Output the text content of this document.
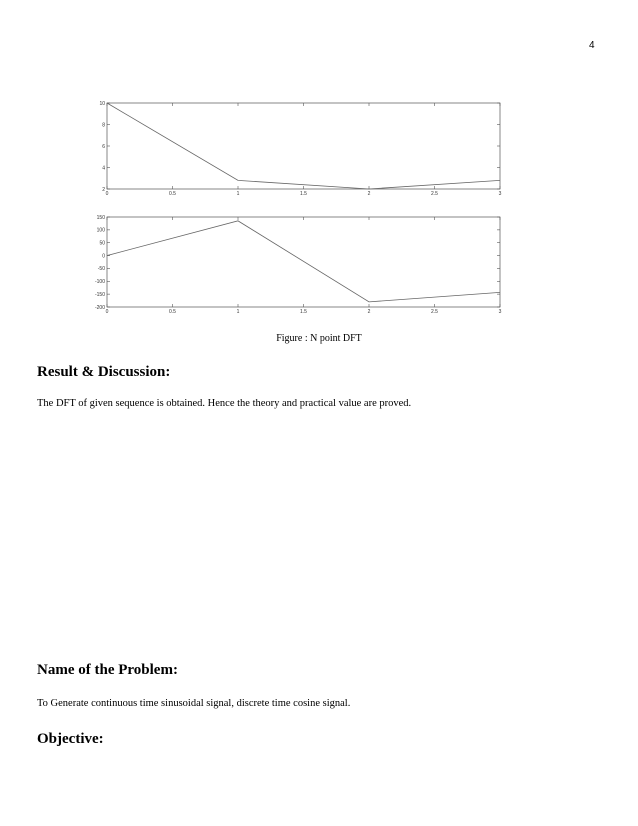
4
0	0.5	1	1.5	2	2.5	3
2
4
6
8
10
0	0.5	1	1.5	2	2.5	3
150
100
50
0
-50
-100
-150
-200
Figure : N point DFT
Result & Discussion:

The DFT of given sequence is obtained. Hence the theory and practical value are proved.

Name of the Problem:

To Generate continuous time sinusoidal signal, discrete time cosine signal.

Objective:
